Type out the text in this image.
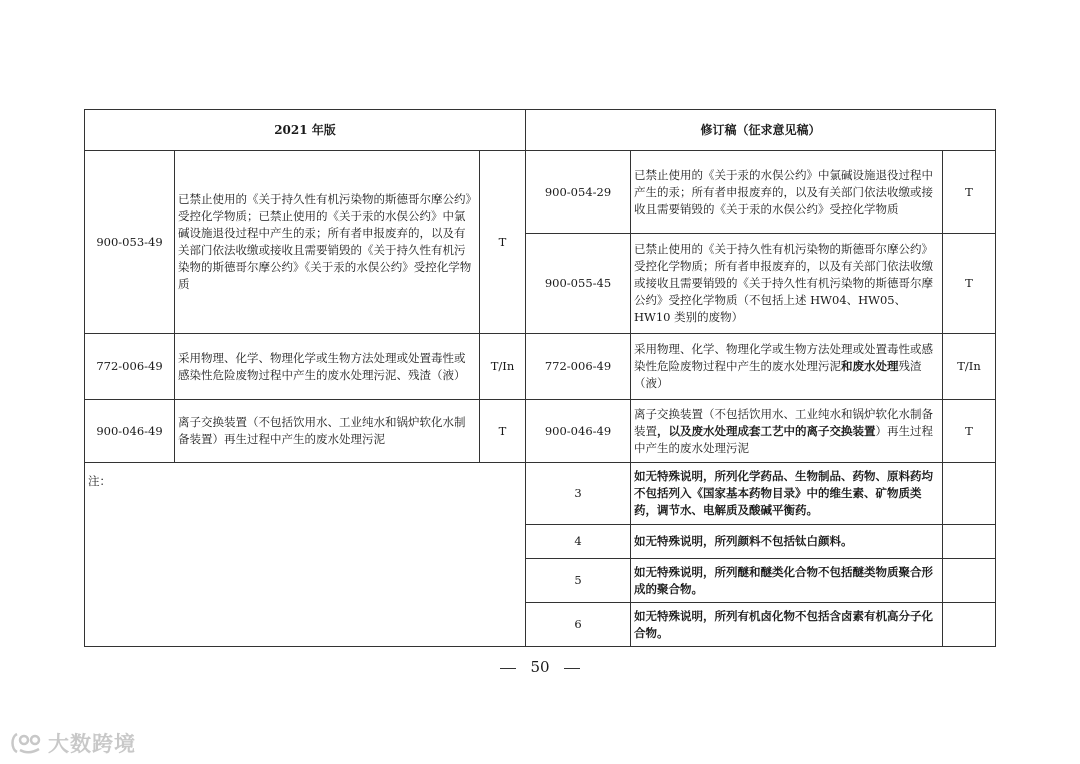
2021 年版			修订稿（征求意见稿）		
900-053-49	已禁止使用的《关于持久性有机污染物的斯德哥尔摩公约》受控化学物质；已禁止使用的《关于汞的水俣公约》中氯碱设施退役过程中产生的汞；所有者申报废弃的，以及有关部门依法收缴或接收且需要销毁的《关于持久性有机污染物的斯德哥尔摩公约》《关于汞的水俣公约》受控化学物质	T	900-054-29	已禁止使用的《关于汞的水俣公约》中氯碱设施退役过程中产生的汞；所有者申报废弃的，以及有关部门依法收缴或接收且需要销毁的《关于汞的水俣公约》受控化学物质	T
			900-055-45	已禁止使用的《关于持久性有机污染物的斯德哥尔摩公约》受控化学物质；所有者申报废弃的，以及有关部门依法收缴或接收且需要销毁的《关于持久性有机污染物的斯德哥尔摩公约》受控化学物质（不包括上述 HW04、HW05、HW10 类别的废物）	T
772-006-49	采用物理、化学、物理化学或生物方法处理或处置毒性或感染性危险废物过程中产生的废水处理污泥、残渣（液）	T/In	772-006-49	采用物理、化学、物理化学或生物方法处理或处置毒性或感染性危险废物过程中产生的废水处理污泥和废水处理残渣（液）	T/In
900-046-49	离子交换装置（不包括饮用水、工业纯水和锅炉软化水制备装置）再生过程中产生的废水处理污泥	T	900-046-49	离子交换装置（不包括饮用水、工业纯水和锅炉软化水制备装置，以及废水处理成套工艺中的离子交换装置）再生过程中产生的废水处理污泥	T
注：			3	如无特殊说明，所列化学药品、生物制品、药物、原料药均不包括列入《国家基本药物目录》中的维生素、矿物质类药，调节水、电解质及酸碱平衡药。	
			4	如无特殊说明，所列颜料不包括钛白颜料。	
			5	如无特殊说明，所列醚和醚类化合物不包括醚类物质聚合形成的聚合物。	
			6	如无特殊说明，所列有机卤化物不包括含卤素有机高分子化合物。	
50
大数跨境
